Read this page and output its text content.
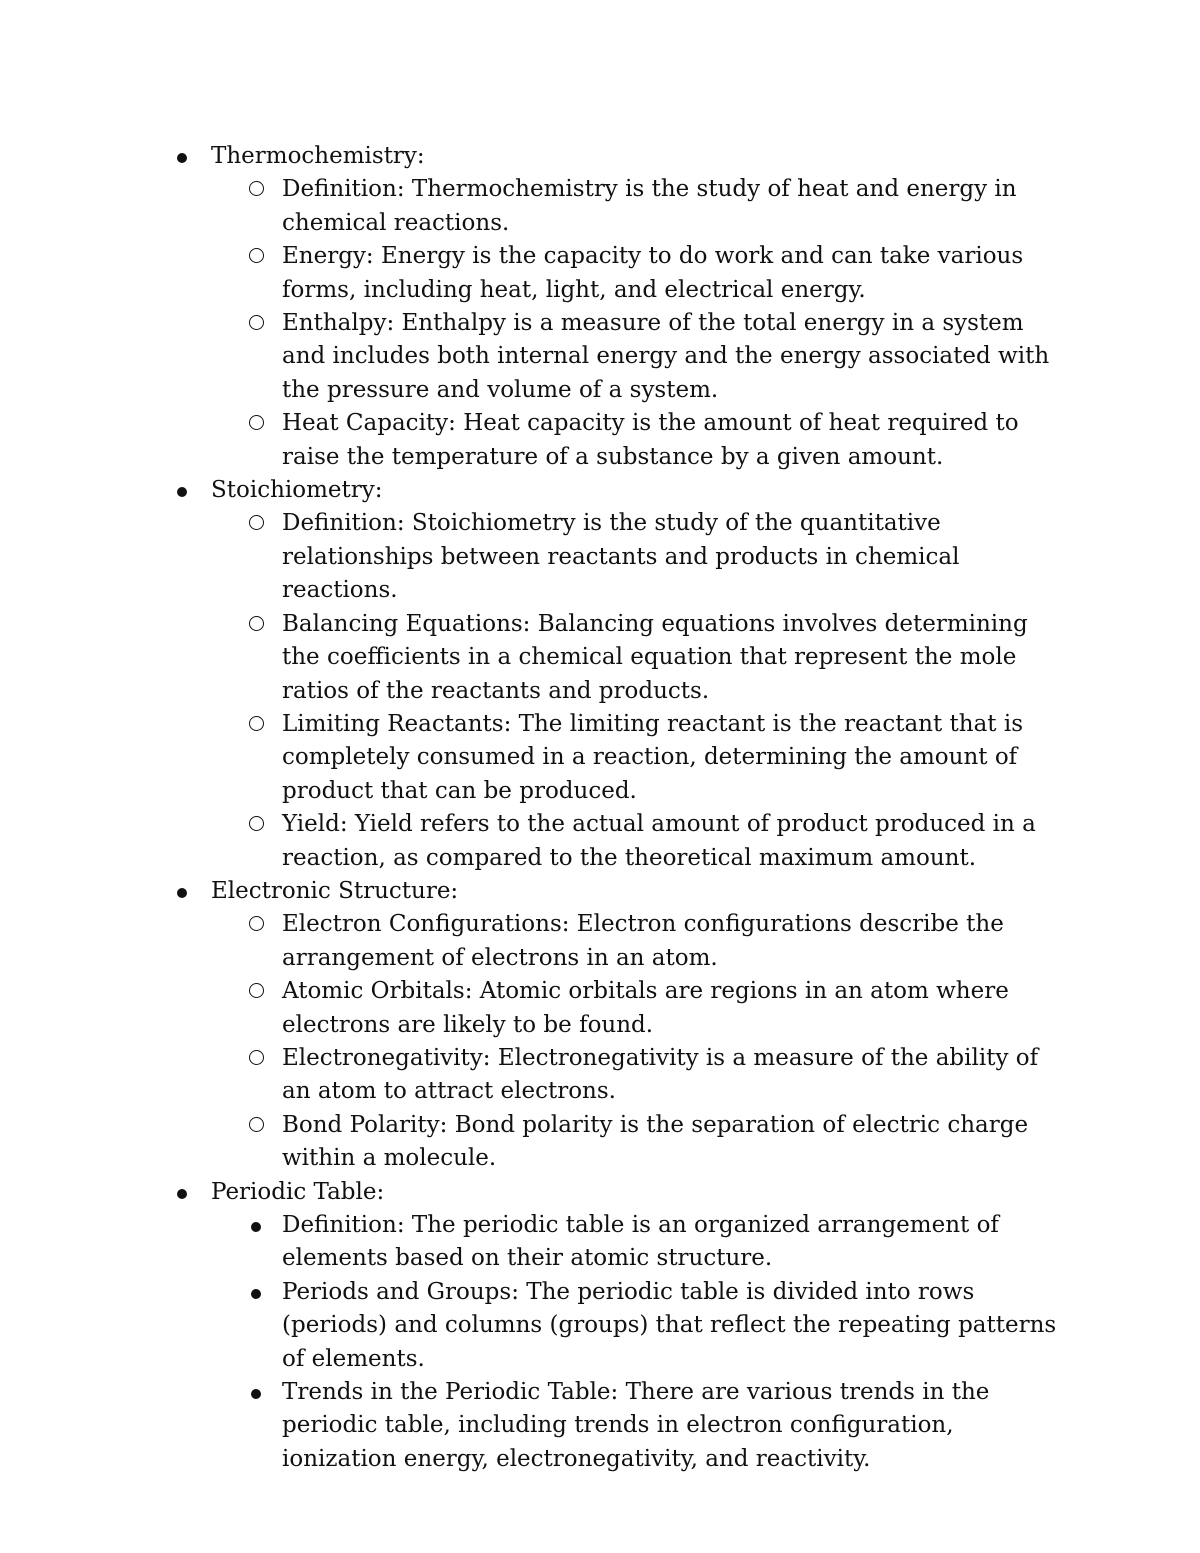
Thermochemistry:
Definition: Thermochemistry is the study of heat and energy in chemical reactions.
Energy: Energy is the capacity to do work and can take various forms, including heat, light, and electrical energy.
Enthalpy: Enthalpy is a measure of the total energy in a system and includes both internal energy and the energy associated with the pressure and volume of a system.
Heat Capacity: Heat capacity is the amount of heat required to raise the temperature of a substance by a given amount.
Stoichiometry:
Definition: Stoichiometry is the study of the quantitative relationships between reactants and products in chemical reactions.
Balancing Equations: Balancing equations involves determining the coefficients in a chemical equation that represent the mole ratios of the reactants and products.
Limiting Reactants: The limiting reactant is the reactant that is completely consumed in a reaction, determining the amount of product that can be produced.
Yield: Yield refers to the actual amount of product produced in a reaction, as compared to the theoretical maximum amount.
Electronic Structure:
Electron Configurations: Electron configurations describe the arrangement of electrons in an atom.
Atomic Orbitals: Atomic orbitals are regions in an atom where electrons are likely to be found.
Electronegativity: Electronegativity is a measure of the ability of an atom to attract electrons.
Bond Polarity: Bond polarity is the separation of electric charge within a molecule.
Periodic Table:
Definition: The periodic table is an organized arrangement of elements based on their atomic structure.
Periods and Groups: The periodic table is divided into rows (periods) and columns (groups) that reflect the repeating patterns of elements.
Trends in the Periodic Table: There are various trends in the periodic table, including trends in electron configuration, ionization energy, electronegativity, and reactivity.
